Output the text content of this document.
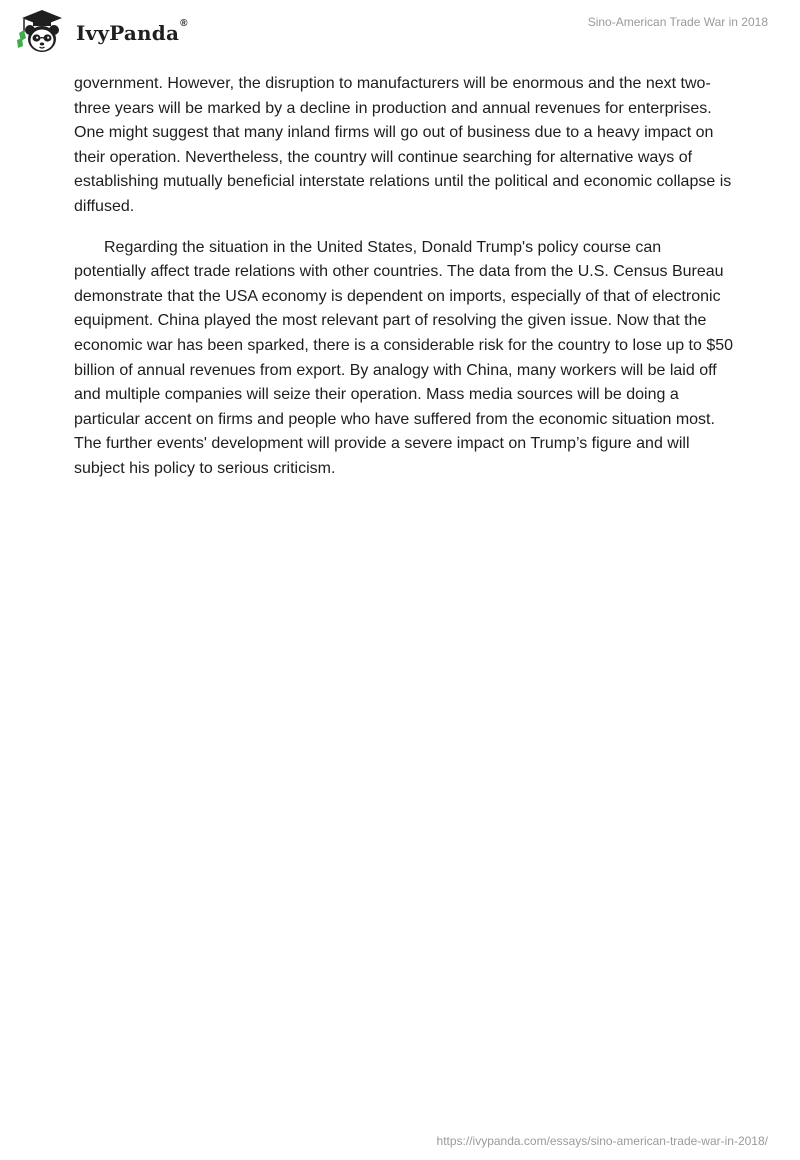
IvyPanda ®	Sino-American Trade War in 2018

government. However, the disruption to manufacturers will be enormous and the next two-three years will be marked by a decline in production and annual revenues for enterprises. One might suggest that many inland firms will go out of business due to a heavy impact on their operation. Nevertheless, the country will continue searching for alternative ways of establishing mutually beneficial interstate relations until the political and economic collapse is diffused.

Regarding the situation in the United States, Donald Trump's policy course can potentially affect trade relations with other countries. The data from the U.S. Census Bureau demonstrate that the USA economy is dependent on imports, especially of that of electronic equipment. China played the most relevant part of resolving the given issue. Now that the economic war has been sparked, there is a considerable risk for the country to lose up to $50 billion of annual revenues from export. By analogy with China, many workers will be laid off and multiple companies will seize their operation. Mass media sources will be doing a particular accent on firms and people who have suffered from the economic situation most. The further events' development will provide a severe impact on Trump’s figure and will subject his policy to serious criticism.

https://ivypanda.com/essays/sino-american-trade-war-in-2018/
